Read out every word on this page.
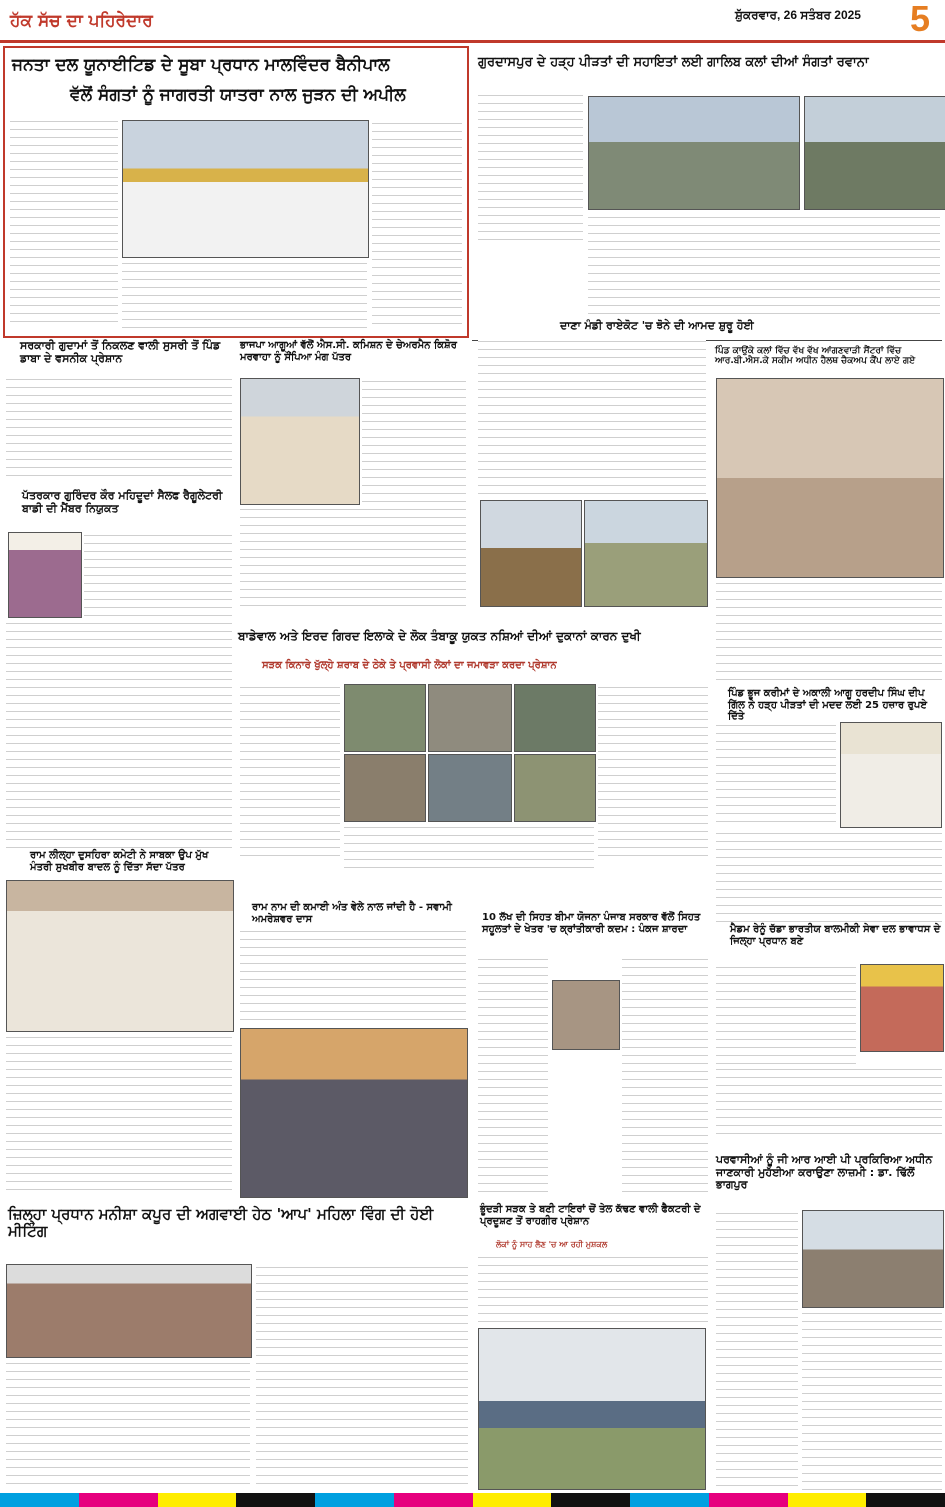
ਹੱਕ ਸੱਚ ਦਾ ਪਹਿਰੇਦਾਰ	ਸ਼ੁੱਕਰਵਾਰ, 26 ਸਤੰਬਰ 2025 5
ਜਨਤਾ ਦਲ ਯੂਨਾਈਟਿਡ ਦੇ ਸੂਬਾ ਪ੍ਰਧਾਨ ਮਾਲਵਿੰਦਰ ਬੈਨੀਪਾਲ
ਵੱਲੋਂ ਸੰਗਤਾਂ ਨੂੰ ਜਾਗਰਤੀ ਯਾਤਰਾ ਨਾਲ ਜੁੜਨ ਦੀ ਅਪੀਲ
ਗੁਰਦਾਸਪੁਰ ਦੇ ਹੜ੍ਹ ਪੀੜਤਾਂ ਦੀ ਸਹਾਇਤਾਂ ਲਈ ਗਾਲਿਬ ਕਲਾਂ ਦੀਆਂ ਸੰਗਤਾਂ ਰਵਾਨਾ
ਦਾਣਾ ਮੰਡੀ ਰਾਏਕੋਟ 'ਚ ਝੋਨੇ ਦੀ ਆਮਦ ਸ਼ੁਰੂ ਹੋਈ
ਪਿੰਡ ਕਾਉਂਕੇ ਕਲਾਂ ਵਿੱਚ ਵੱਖ ਵੱਖ ਆਂਗਣਵਾੜੀ ਸੈਂਟਰਾਂ ਵਿੱਚ ਆਰ.ਬੀ.ਐਸ.ਕੇ ਸਕੀਮ ਅਧੀਨ ਹੈਲਥ ਚੈਕਅਪ ਕੈਂਪ ਲਾਏ ਗਏ
ਸਰਕਾਰੀ ਗੁਦਾਮਾਂ ਤੋਂ ਨਿਕਲਣ ਵਾਲੀ ਸੁਸਰੀ ਤੋਂ ਪਿੰਡ ਡਾਬਾ ਦੇ ਵਸਨੀਕ ਪ੍ਰੇਸ਼ਾਨ
ਭਾਜਪਾ ਆਗੂਆਂ ਵੱਲੋਂ ਐਸ.ਸੀ. ਕਮਿਸ਼ਨ ਦੇ ਚੇਅਰਮੈਨ ਕਿਸ਼ੋਰ ਮਰਵਾਹਾ ਨੂੰ ਸੌਂਪਿਆ ਮੰਗ ਪੱਤਰ
ਪੱਤਰਕਾਰ ਗੁਰਿੰਦਰ ਕੌਰ ਮਹਿਦੂਦਾਂ ਸੈਲਫ ਰੈਗੂਲੇਟਰੀ ਬਾਡੀ ਦੀ ਮੈਂਬਰ ਨਿਯੁਕਤ
ਬਾਡੇਵਾਲ ਅਤੇ ਇਰਦ ਗਿਰਦ ਇਲਾਕੇ ਦੇ ਲੋਕ ਤੰਬਾਕੂ ਯੁਕਤ ਨਸ਼ਿਆਂ ਦੀਆਂ ਦੁਕਾਨਾਂ ਕਾਰਨ ਦੁਖੀ
ਸੜਕ ਕਿਨਾਰੇ ਖੁੱਲ੍ਹੇ ਸ਼ਰਾਬ ਦੇ ਠੇਕੇ ਤੇ ਪ੍ਰਵਾਸੀ ਲੋਕਾਂ ਦਾ ਜਮਾਵੜਾ ਕਰਦਾ ਪ੍ਰੇਸ਼ਾਨ
ਪਿੰਡ ਭੂਜ ਕਰੀਮਾਂ ਦੇ ਅਕਾਲੀ ਆਗੂ ਹਰਦੀਪ ਸਿੰਘ ਦੀਪ ਗਿੱਲ ਨੇ ਹੜ੍ਹ ਪੀੜਤਾਂ ਦੀ ਮਦਦ ਲਈ 25 ਹਜ਼ਾਰ ਰੁਪਏ ਦਿੱਤੇ
ਰਾਮ ਲੀਲ੍ਹਾ ਦੁਸਹਿਰਾ ਕਮੇਟੀ ਨੇ ਸਾਬਕਾ ਉਪ ਮੁੱਖ ਮੰਤਰੀ ਸੁਖਬੀਰ ਬਾਦਲ ਨੂੰ ਦਿੱਤਾ ਸੱਦਾ ਪੱਤਰ
ਰਾਮ ਨਾਮ ਦੀ ਕਮਾਈ ਅੰਤ ਵੇਲੇ ਨਾਲ ਜਾਂਦੀ ਹੈ - ਸਵਾਮੀ ਅਮਰੇਸ਼ਵਰ ਦਾਸ	10 ਲੱਖ ਦੀ ਸਿਹਤ ਬੀਮਾ ਯੋਜਨਾ ਪੰਜਾਬ ਸਰਕਾਰ ਵੱਲੋਂ ਸਿਹਤ ਸਹੂਲਤਾਂ ਦੇ ਖੇਤਰ 'ਚ ਕ੍ਰਾਂਤੀਕਾਰੀ ਕਦਮ : ਪੰਕਜ ਸ਼ਾਰਦਾ	ਮੈਡਮ ਰੇਨੂੰ ਚੱਡਾ ਭਾਰਤੀਯ ਬਾਲਮੀਕੀ ਸੇਵਾ ਦਲ ਭਾਵਾਧਸ ਦੇ ਜਿਲ੍ਹਾ ਪ੍ਰਧਾਨ ਬਣੇ
ਪਰਵਾਸੀਆਂ ਨੂੰ ਜੀ ਆਰ ਆਈ ਪੀ ਪ੍ਰਕਿਰਿਆ ਅਧੀਨ ਜਾਣਕਾਰੀ ਮੁਹੱਈਆ ਕਰਾਉਣਾ ਲਾਜ਼ਮੀ : ਡਾ. ਢਿੱਲੋਂ ਭਾਗਪੁਰ
ਜ਼ਿਲ੍ਹਾ ਪ੍ਰਧਾਨ ਮਨੀਸ਼ਾ ਕਪੂਰ ਦੀ ਅਗਵਾਈ ਹੇਠ 'ਆਪ' ਮਹਿਲਾ ਵਿੰਗ ਦੀ ਹੋਈ ਮੀਟਿੰਗ
ਭੂੰਦੜੀ ਸੜਕ ਤੇ ਬਣੀ ਟਾਇਰਾਂ ਚੋਂ ਤੇਲ ਕੱਢਣ ਵਾਲੀ ਫੈਕਟਰੀ ਦੇ ਪ੍ਰਦੂਸ਼ਣ ਤੋਂ ਰਾਹਗੀਰ ਪ੍ਰੇਸ਼ਾਨ
ਲੋਕਾਂ ਨੂੰ ਸਾਹ ਲੈਣ 'ਚ ਆ ਰਹੀ ਮੁਸ਼ਕਲ
